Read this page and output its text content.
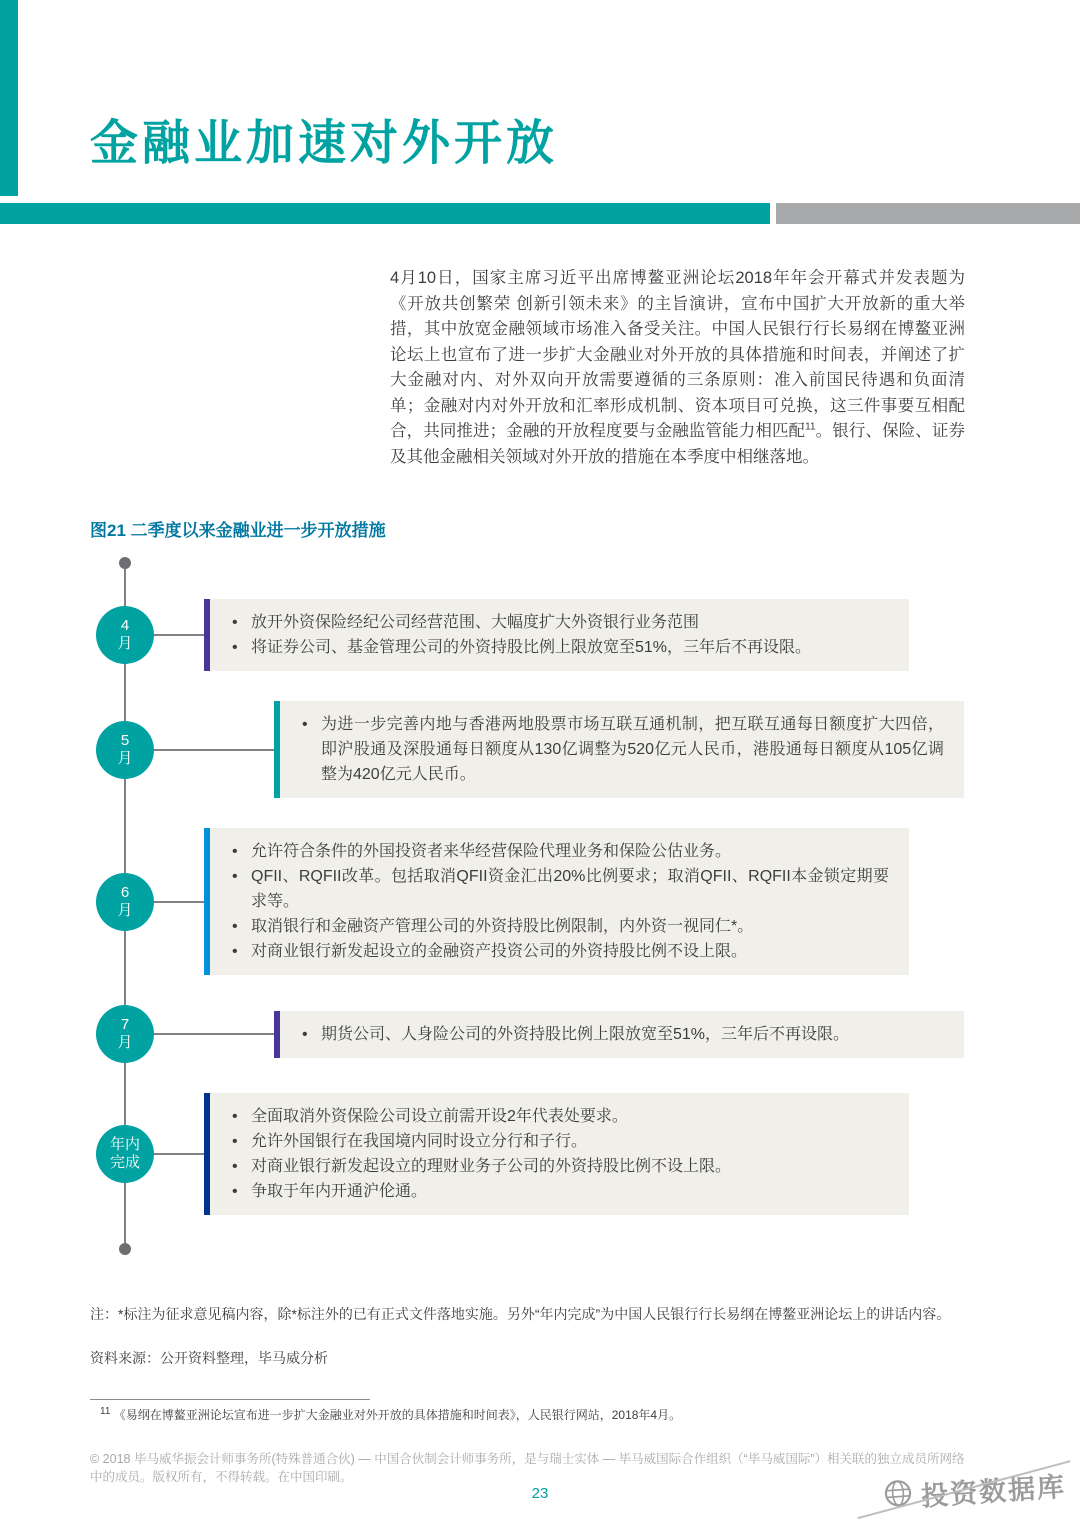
金融业加速对外开放

4月10日，国家主席习近平出席博鳌亚洲论坛2018年年会开幕式并发表题为《开放共创繁荣 创新引领未来》的主旨演讲，宣布中国扩大开放新的重大举措，其中放宽金融领域市场准入备受关注。中国人民银行行长易纲在博鳌亚洲论坛上也宣布了进一步扩大金融业对外开放的具体措施和时间表，并阐述了扩大金融对内、对外双向开放需要遵循的三条原则：准入前国民待遇和负面清单；金融对内对外开放和汇率形成机制、资本项目可兑换，这三件事要互相配合，共同推进；金融的开放程度要与金融监管能力相匹配$^{11}$。银行、保险、证券及其他金融相关领域对外开放的措施在本季度中相继落地。

图21 二季度以来金融业进一步开放措施
4
月
• 放开外资保险经纪公司经营范围、大幅度扩大外资银行业务范围
• 将证券公司、基金管理公司的外资持股比例上限放宽至51%，三年后不再设限。
5
月
• 为进一步完善内地与香港两地股票市场互联互通机制，把互联互通每日额度扩大四倍，即沪股通及深股通每日额度从130亿调整为520亿元人民币，港股通每日额度从105亿调整为420亿元人民币。
6
月
• 允许符合条件的外国投资者来华经营保险代理业务和保险公估业务。
• QFII、RQFII改革。包括取消QFII资金汇出20%比例要求；取消QFII、RQFII本金锁定期要求等。
• 取消银行和金融资产管理公司的外资持股比例限制，内外资一视同仁*。
• 对商业银行新发起设立的金融资产投资公司的外资持股比例不设上限。
7
月	• 期货公司、人身险公司的外资持股比例上限放宽至51%，三年后不再设限。
年内
完成
• 全面取消外资保险公司设立前需开设2年代表处要求。
• 允许外国银行在我国境内同时设立分行和子行。
• 对商业银行新发起设立的理财业务子公司的外资持股比例不设上限。
• 争取于年内开通沪伦通。

注：*标注为征求意见稿内容，除*标注外的已有正式文件落地实施。另外“年内完成”为中国人民银行行长易纲在博鳌亚洲论坛上的讲话内容。

资料来源：公开资料整理，毕马威分析

$^{11}$ 《易纲在博鳌亚洲论坛宣布进一步扩大金融业对外开放的具体措施和时间表》，人民银行网站，2018年4月。

© 2018 毕马威华振会计师事务所(特殊普通合伙) — 中国合伙制会计师事务所，是与瑞士实体 — 毕马威国际合作组织（“毕马威国际”）相关联的独立成员所网络中的成员。版权所有，不得转载。在中国印刷。

23	投资数据库
